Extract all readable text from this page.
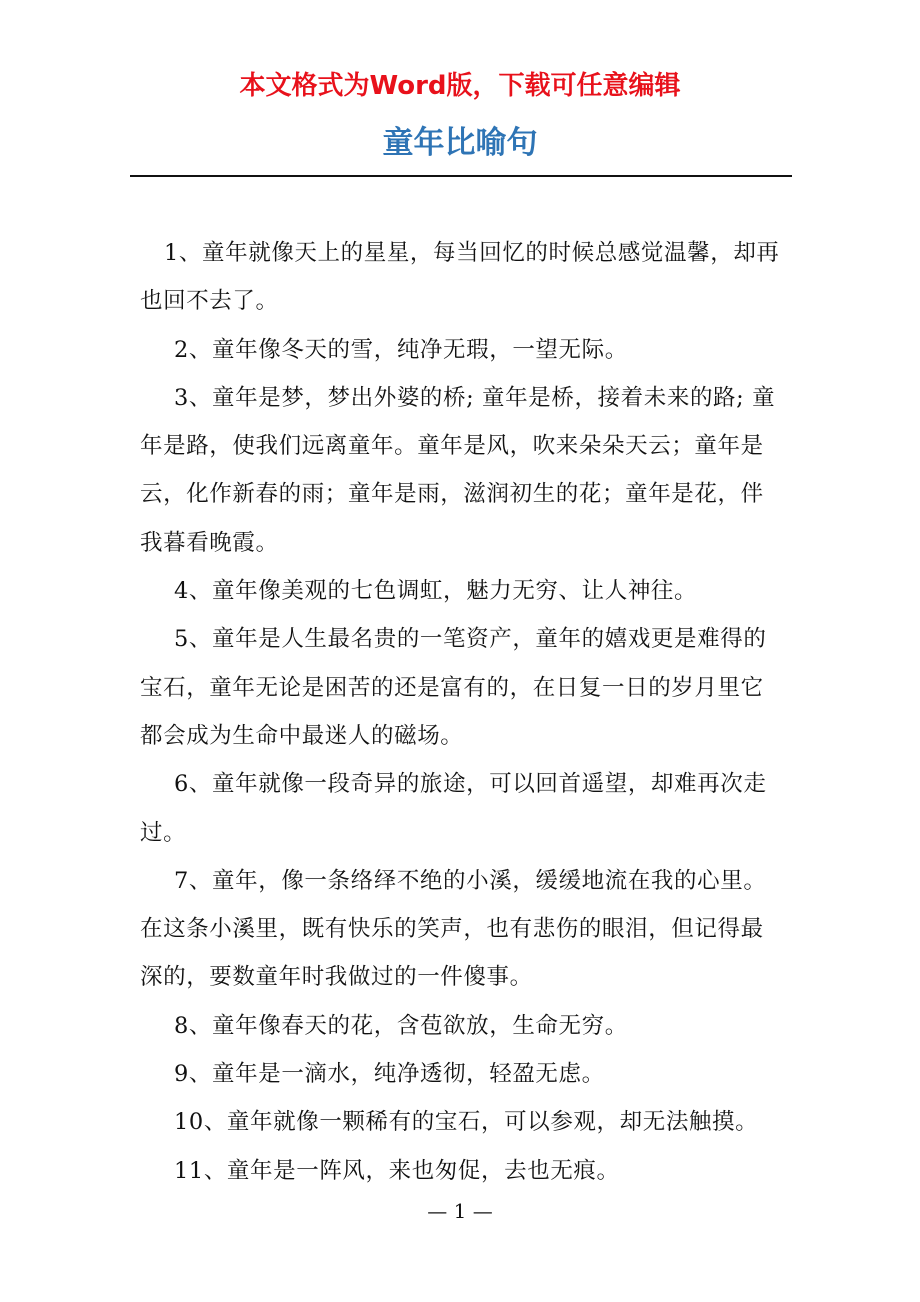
本文格式为Word版，下载可任意编辑
童年比喻句

1、童年就像天上的星星，每当回忆的时候总感觉温馨，却再也回不去了。

2、童年像冬天的雪，纯净无瑕，一望无际。

3、童年是梦，梦出外婆的桥; 童年是桥，接着未来的路; 童年是路，使我们远离童年。童年是风，吹来朵朵天云；童年是云，化作新春的雨；童年是雨，滋润初生的花；童年是花，伴我暮看晚霞。

4、童年像美观的七色调虹，魅力无穷、让人神往。

5、童年是人生最名贵的一笔资产，童年的嬉戏更是难得的宝石，童年无论是困苦的还是富有的，在日复一日的岁月里它都会成为生命中最迷人的磁场。

6、童年就像一段奇异的旅途，可以回首遥望，却难再次走过。

7、童年，像一条络绎不绝的小溪，缓缓地流在我的心里。在这条小溪里，既有快乐的笑声，也有悲伤的眼泪，但记得最深的，要数童年时我做过的一件傻事。

8、童年像春天的花，含苞欲放，生命无穷。

9、童年是一滴水，纯净透彻，轻盈无虑。

10、童年就像一颗稀有的宝石，可以参观，却无法触摸。

11、童年是一阵风，来也匆促，去也无痕。

— 1 —
